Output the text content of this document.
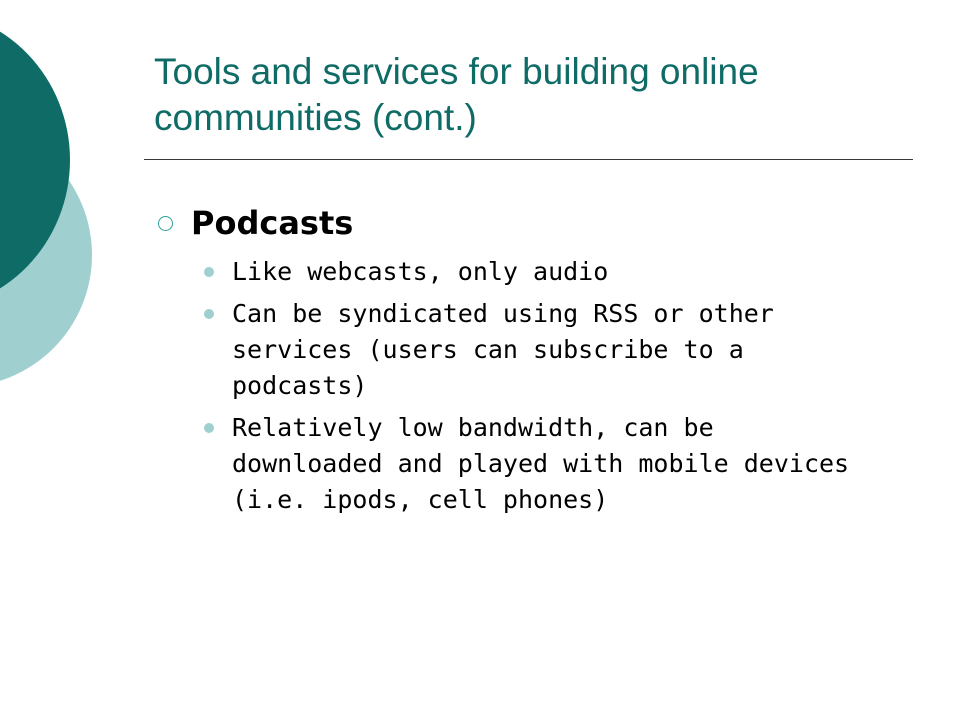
Tools and services for building online communities (cont.)
Podcasts
Like webcasts, only audio
Can be syndicated using RSS or other services (users can subscribe to a podcasts)
Relatively low bandwidth, can be downloaded and played with mobile devices (i.e. ipods, cell phones)
